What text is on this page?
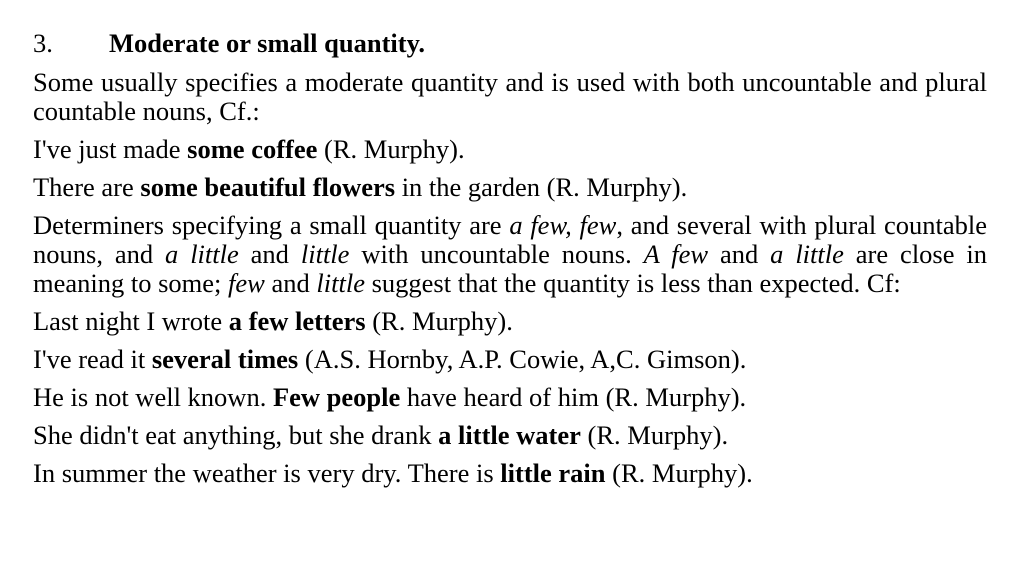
3. Moderate or small quantity.
Some usually specifies a moderate quantity and is used with both uncountable and plural countable nouns, Cf.:
I've just made some coffee (R. Murphy).
There are some beautiful flowers in the garden (R. Murphy).
Determiners specifying a small quantity are a few, few, and several with plural countable nouns, and a little and little with uncountable nouns. A few and a little are close in meaning to some; few and little suggest that the quantity is less than expected. Cf:
Last night I wrote a few letters (R. Murphy).
I've read it several times (A.S. Hornby, A.P. Cowie, A,C. Gimson).
He is not well known. Few people have heard of him (R. Murphy).
She didn't eat anything, but she drank a little water (R. Murphy).
In summer the weather is very dry. There is little rain (R. Murphy).
